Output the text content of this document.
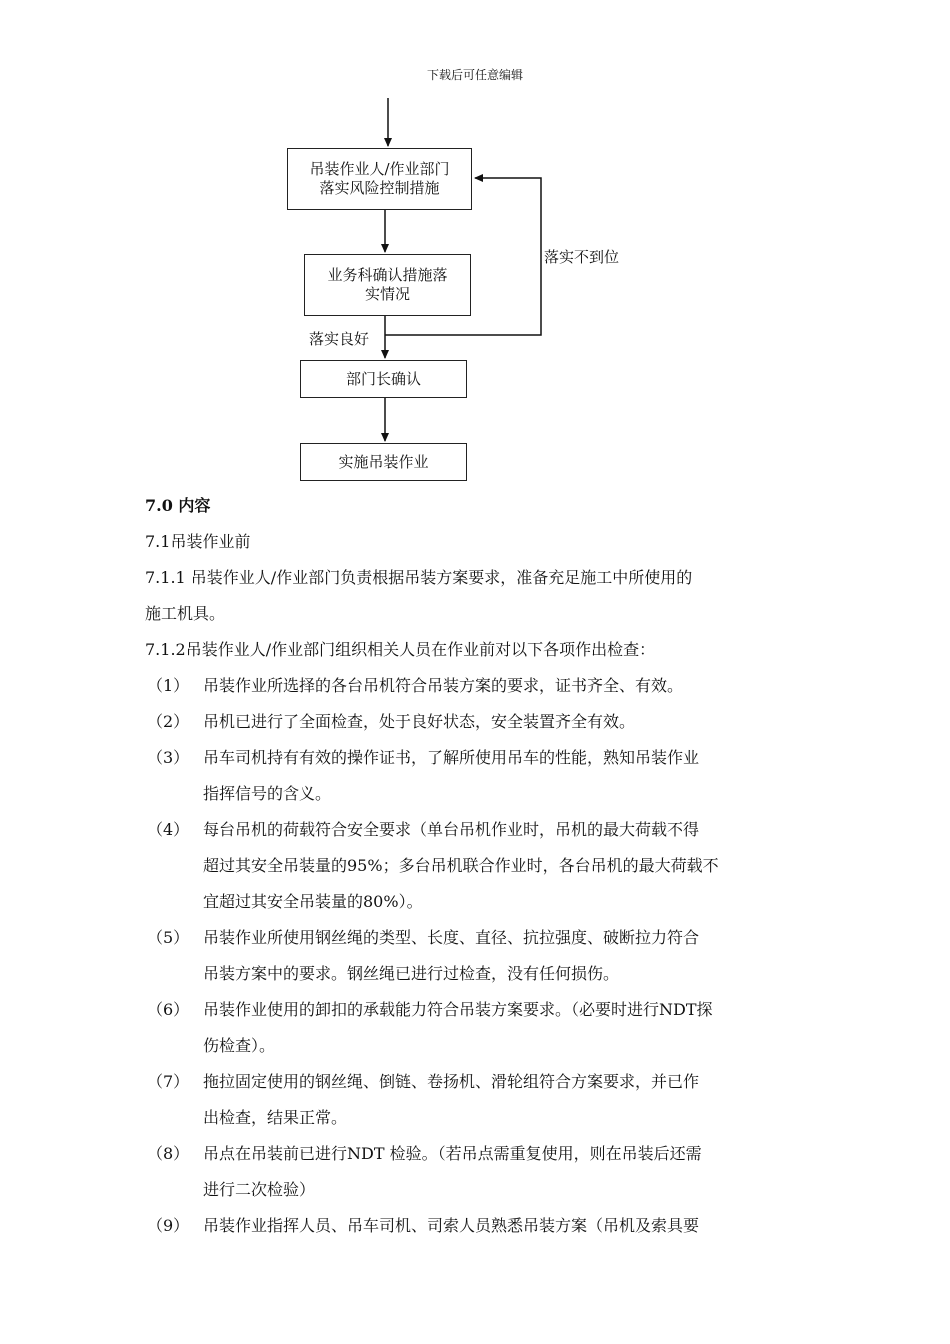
下载后可任意编辑
吊装作业人/作业部门
落实风险控制措施
业务科确认措施落
实情况
部门长确认
实施吊装作业
落实不到位
落实良好
7.0 内容
7.1吊装作业前
7.1.1 吊装作业人/作业部门负责根据吊装方案要求，准备充足施工中所使用的
施工机具。
7.1.2吊装作业人/作业部门组织相关人员在作业前对以下各项作出检查：
（1） 吊装作业所选择的各台吊机符合吊装方案的要求，证书齐全、有效。
（2） 吊机已进行了全面检查，处于良好状态，安全装置齐全有效。
（3） 吊车司机持有有效的操作证书，了解所使用吊车的性能，熟知吊装作业
指挥信号的含义。
（4） 每台吊机的荷载符合安全要求（单台吊机作业时，吊机的最大荷载不得
超过其安全吊装量的95%；多台吊机联合作业时，各台吊机的最大荷载不
宜超过其安全吊装量的80%）。
（5） 吊装作业所使用钢丝绳的类型、长度、直径、抗拉强度、破断拉力符合
吊装方案中的要求。钢丝绳已进行过检查，没有任何损伤。
（6） 吊装作业使用的卸扣的承载能力符合吊装方案要求。（必要时进行NDT探
伤检查）。
（7） 拖拉固定使用的钢丝绳、倒链、卷扬机、滑轮组符合方案要求，并已作
出检查，结果正常。
（8） 吊点在吊装前已进行NDT 检验。（若吊点需重复使用，则在吊装后还需
进行二次检验）
（9） 吊装作业指挥人员、吊车司机、司索人员熟悉吊装方案（吊机及索具要
